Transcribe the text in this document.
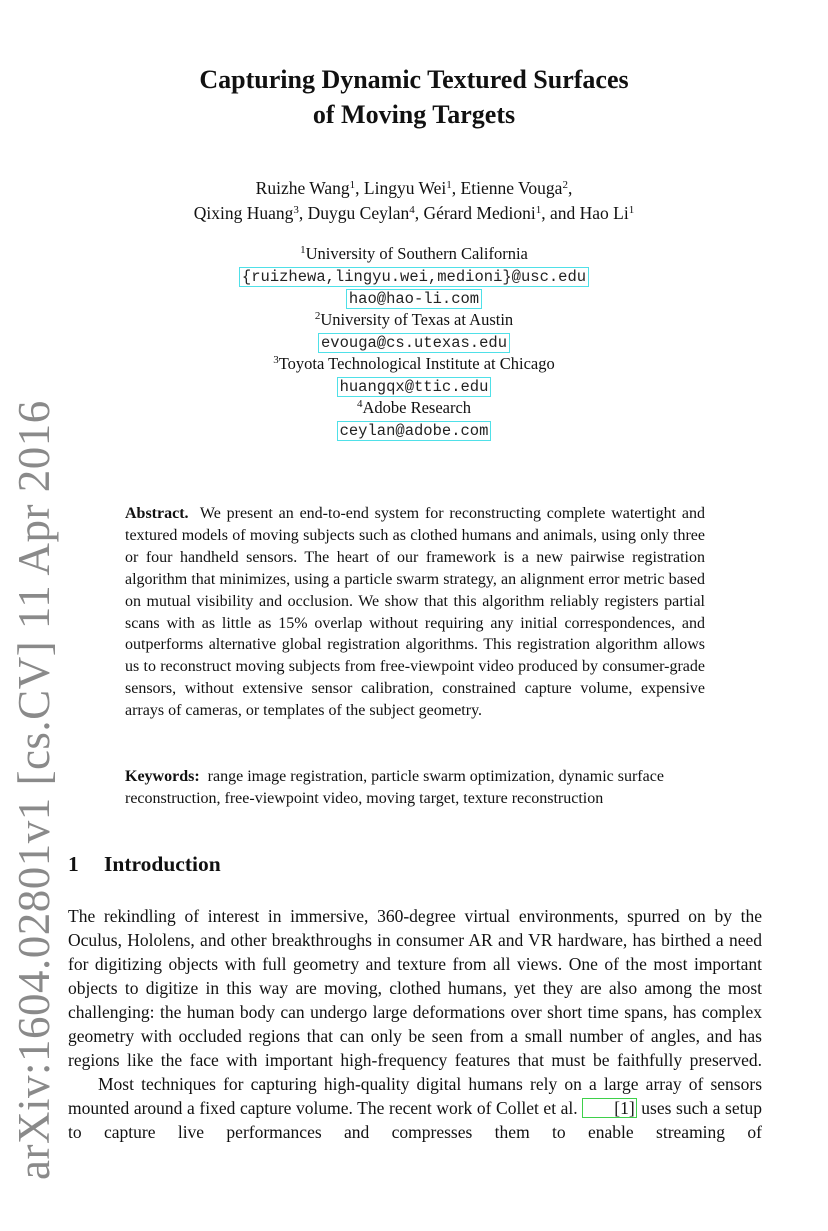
arXiv:1604.02801v1 [cs.CV] 11 Apr 2016
Capturing Dynamic Textured Surfaces
of Moving Targets
Ruizhe Wang$^1$, Lingyu Wei$^1$, Etienne Vouga$^2$,
Qixing Huang$^3$, Duygu Ceylan$^4$, Gérard Medioni$^1$, and Hao Li$^1$
$^1$University of Southern California
{ruizhewa,lingyu.wei,medioni}@usc.edu
hao@hao-li.com
$^2$University of Texas at Austin
evouga@cs.utexas.edu
$^3$Toyota Technological Institute at Chicago
huangqx@ttic.edu
$^4$Adobe Research
ceylan@adobe.com
Abstract. We present an end-to-end system for reconstructing complete watertight and textured models of moving subjects such as clothed humans and animals, using only three or four handheld sensors. The heart of our framework is a new pairwise registration algorithm that minimizes, using a particle swarm strategy, an alignment error metric based on mutual visibility and occlusion. We show that this algorithm reliably registers partial scans with as little as 15% overlap without requiring any initial correspondences, and outperforms alternative global registration algorithms. This registration algorithm allows us to reconstruct moving subjects from free-viewpoint video produced by consumer-grade sensors, without extensive sensor calibration, constrained capture volume, expensive arrays of cameras, or templates of the subject geometry.
Keywords: range image registration, particle swarm optimization, dynamic surface reconstruction, free-viewpoint video, moving target, texture reconstruction
1 Introduction

The rekindling of interest in immersive, 360-degree virtual environments, spurred on by the Oculus, Hololens, and other breakthroughs in consumer AR and VR hardware, has birthed a need for digitizing objects with full geometry and texture from all views. One of the most important objects to digitize in this way are moving, clothed humans, yet they are also among the most challenging: the human body can undergo large deformations over short time spans, has complex geometry with occluded regions that can only be seen from a small number of angles, and has regions like the face with important high-frequency features that must be faithfully preserved.

Most techniques for capturing high-quality digital humans rely on a large array of sensors mounted around a fixed capture volume. The recent work of Collet et al. [1] uses such a setup to capture live performances and compresses them to enable streaming of
